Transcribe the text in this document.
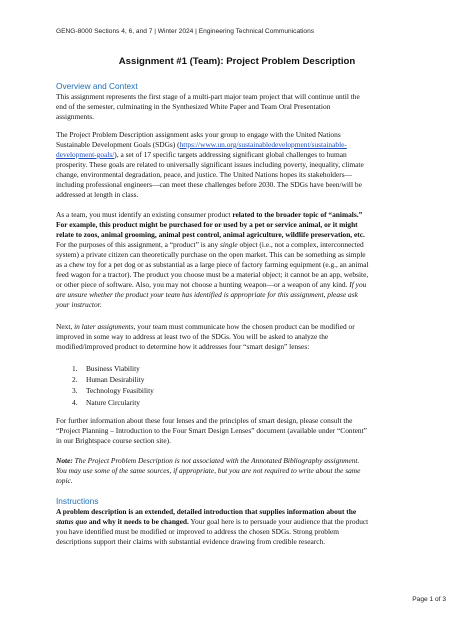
GENG-8000 Sections 4, 6, and 7 | Winter 2024 | Engineering Technical Communications
Assignment #1 (Team): Project Problem Description
Overview and Context
This assignment represents the first stage of a multi-part major team project that will continue until the
end of the semester, culminating in the Synthesized White Paper and Team Oral Presentation
assignments.
The Project Problem Description assignment asks your group to engage with the United Nations
Sustainable Development Goals (SDGs) (https://www.un.org/sustainabledevelopment/sustainable-
development-goals/), a set of 17 specific targets addressing significant global challenges to human
prosperity. These goals are related to universally significant issues including poverty, inequality, climate
change, environmental degradation, peace, and justice. The United Nations hopes its stakeholders—
including professional engineers—can meet these challenges before 2030. The SDGs have been/will be
addressed at length in class.
As a team, you must identify an existing consumer product related to the broader topic of “animals.”
For example, this product might be purchased for or used by a pet or service animal, or it might
relate to zoos, animal grooming, animal pest control, animal agriculture, wildlife preservation, etc.
For the purposes of this assignment, a “product” is any single object (i.e., not a complex, interconnected
system) a private citizen can theoretically purchase on the open market. This can be something as simple
as a chew toy for a pet dog or as substantial as a large piece of factory farming equipment (e.g., an animal
feed wagon for a tractor). The product you choose must be a material object; it cannot be an app, website,
or other piece of software. Also, you may not choose a hunting weapon—or a weapon of any kind. If you
are unsure whether the product your team has identified is appropriate for this assignment, please ask
your instructor.
Next, in later assignments, your team must communicate how the chosen product can be modified or
improved in some way to address at least two of the SDGs. You will be asked to analyze the
modified/improved product to determine how it addresses four “smart design” lenses:
1. Business Viability
2. Human Desirability
3. Technology Feasibility
4. Nature Circularity
For further information about these four lenses and the principles of smart design, please consult the
“Project Planning – Introduction to the Four Smart Design Lenses” document (available under “Content”
in our Brightspace course section site).
Note: The Project Problem Description is not associated with the Annotated Bibliography assignment.
You may use some of the same sources, if appropriate, but you are not required to write about the same
topic.
Instructions
A problem description is an extended, detailed introduction that supplies information about the
status quo and why it needs to be changed. Your goal here is to persuade your audience that the product
you have identified must be modified or improved to address the chosen SDGs. Strong problem
descriptions support their claims with substantial evidence drawing from credible research.
Page 1 of 3
